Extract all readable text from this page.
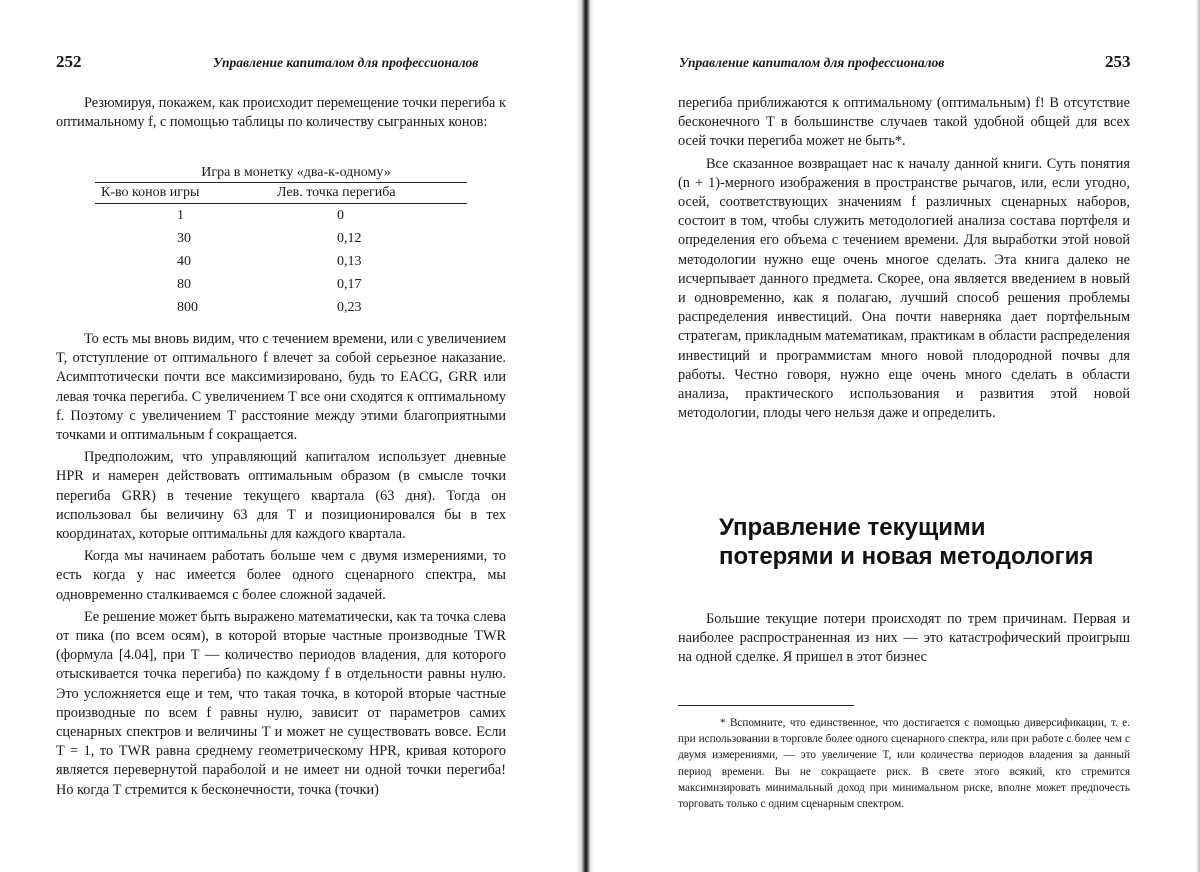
252	Управление капиталом для профессионалов

Резюмируя, покажем, как происходит перемещение точки перегиба к оптимальному f, с помощью таблицы по количеству сыгранных конов:

Игра в монетку «два-к-одному»
К-во конов игры	Лев. точка перегиба
1	0
30	0,12
40	0,13
80	0,17
800	0,23

То есть мы вновь видим, что с течением времени, или с увеличением T, отступление от оптимального f влечет за собой серьезное наказание. Асимптотически почти все максимизировано, будь то EACG, GRR или левая точка перегиба. С увеличением T все они сходятся к оптимальному f. Поэтому с увеличением T расстояние между этими благоприятными точками и оптимальным f сокращается.

Предположим, что управляющий капиталом использует дневные HPR и намерен действовать оптимальным образом (в смысле точки перегиба GRR) в течение текущего квартала (63 дня). Тогда он использовал бы величину 63 для T и позиционировался бы в тех координатах, которые оптимальны для каждого квартала.

Когда мы начинаем работать больше чем с двумя измерениями, то есть когда у нас имеется более одного сценарного спектра, мы одновременно сталкиваемся с более сложной задачей.

Ее решение может быть выражено математически, как та точка слева от пика (по всем осям), в которой вторые частные производные TWR (формула [4.04], при T — количество периодов владения, для которого отыскивается точка перегиба) по каждому f в отдельности равны нулю. Это усложняется еще и тем, что такая точка, в которой вторые частные производные по всем f равны нулю, зависит от параметров самих сценарных спектров и величины T и может не существовать вовсе. Если T = 1, то TWR равна среднему геометрическому HPR, кривая которого является перевернутой параболой и не имеет ни одной точки перегиба! Но когда T стремится к бесконечности, точка (точки)

Управление капиталом для профессионалов	253

перегиба приближаются к оптимальному (оптимальным) f! В отсутствие бесконечного T в большинстве случаев такой удобной общей для всех осей точки перегиба может не быть*.

Все сказанное возвращает нас к началу данной книги. Суть понятия (n + 1)-мерного изображения в пространстве рычагов, или, если угодно, осей, соответствующих значениям f различных сценарных наборов, состоит в том, чтобы служить методологией анализа состава портфеля и определения его объема с течением времени. Для выработки этой новой методологии нужно еще очень многое сделать. Эта книга далеко не исчерпывает данного предмета. Скорее, она является введением в новый и одновременно, как я полагаю, лучший способ решения проблемы распределения инвестиций. Она почти наверняка дает портфельным стратегам, прикладным математикам, практикам в области распределения инвестиций и программистам много новой плодородной почвы для работы. Честно говоря, нужно еще очень много сделать в области анализа, практического использования и развития этой новой методологии, плоды чего нельзя даже и определить.

Управление текущими
потерями и новая методология

Большие текущие потери происходят по трем причинам. Первая и наиболее распространенная из них — это катастрофический проигрыш на одной сделке. Я пришел в этот бизнес

* Вспомните, что единственное, что достигается с помощью диверсификации, т. е. при использовании в торговле более одного сценарного спектра, или при работе с более чем с двумя измерениями, — это увеличение T, или количества периодов владения за данный период времени. Вы не сокращаете риск. В свете этого всякий, кто стремится максимизировать минимальный доход при минимальном риске, вполне может предпочесть торговать только с одним сценарным спектром.
